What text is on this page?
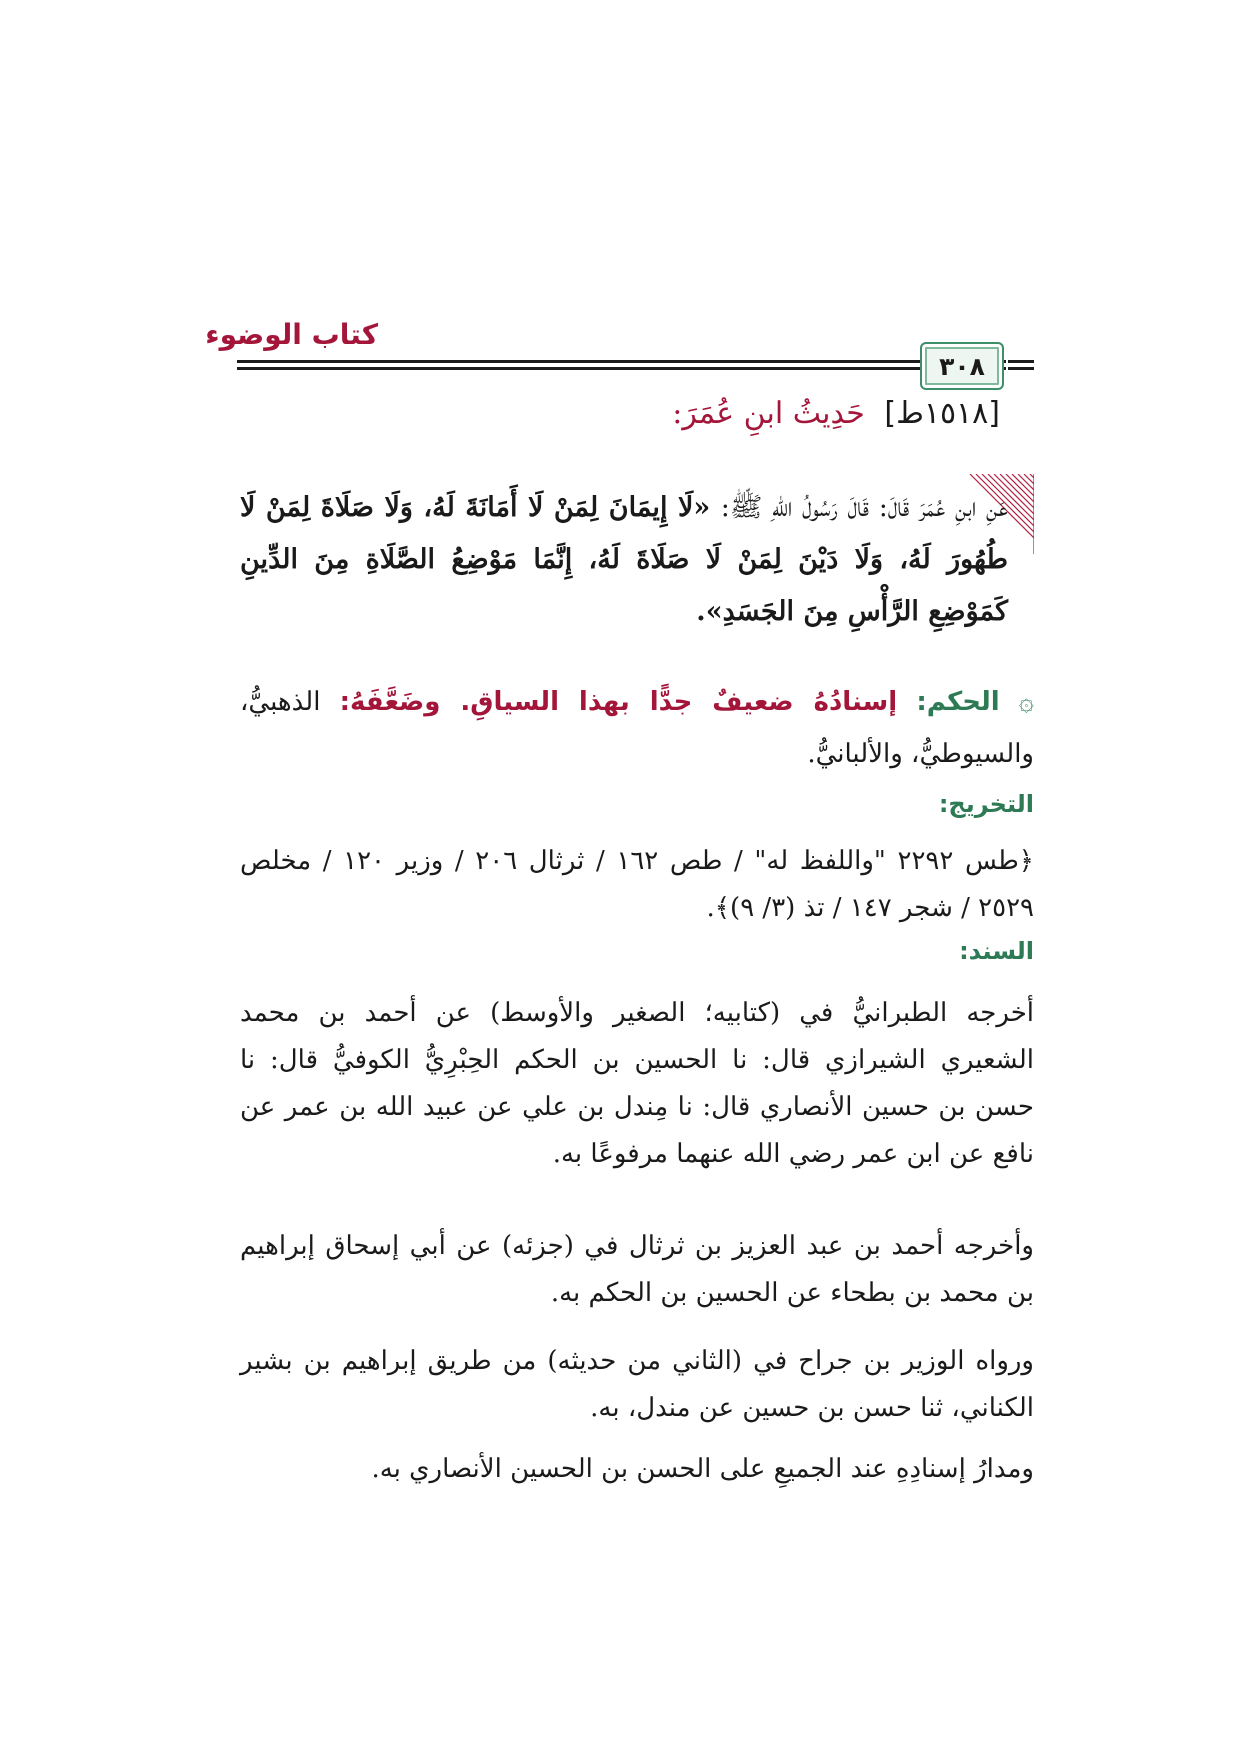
كتاب الوضوء
٣٠٨
[١٥١٨ط] حَدِيثُ ابنِ عُمَرَ:
عَنِ ابنِ عُمَرَ قَالَ: قَالَ رَسُولُ اللهِ ﷺ: «لَا إِيمَانَ لِمَنْ لَا أَمَانَةَ لَهُ، وَلَا صَلَاةَ لِمَنْ لَا طُهُورَ لَهُ، وَلَا دَيْنَ لِمَنْ لَا صَلَاةَ لَهُ، إِنَّمَا مَوْضِعُ الصَّلَاةِ مِنَ الدِّينِ كَمَوْضِعِ الرَّأْسِ مِنَ الجَسَدِ».
۞ الحكم: إسنادُهُ ضعيفٌ جدًّا بهذا السياقِ. وضَعَّفَهُ: الذهبيُّ، والسيوطيُّ، والألبانيُّ.
التخريج:
﴿طس ٢٢٩٢ "واللفظ له" / طص ١٦٢ / ثرثال ٢٠٦ / وزير ١٢٠ / مخلص ٢٥٢٩ / شجر ١٤٧ / تذ (٣/ ٩)﴾.
السند:
أخرجه الطبرانيُّ في (كتابيه؛ الصغير والأوسط) عن أحمد بن محمد الشعيري الشيرازي قال: نا الحسين بن الحكم الحِبْرِيُّ الكوفيُّ قال: نا حسن بن حسين الأنصاري قال: نا مِندل بن علي عن عبيد الله بن عمر عن نافع عن ابن عمر رضي الله عنهما مرفوعًا به.
وأخرجه أحمد بن عبد العزيز بن ثرثال في (جزئه) عن أبي إسحاق إبراهيم بن محمد بن بطحاء عن الحسين بن الحكم به.
ورواه الوزير بن جراح في (الثاني من حديثه) من طريق إبراهيم بن بشير الكناني، ثنا حسن بن حسين عن مندل، به.
ومدارُ إسنادِهِ عند الجميعِ على الحسن بن الحسين الأنصاري به.
